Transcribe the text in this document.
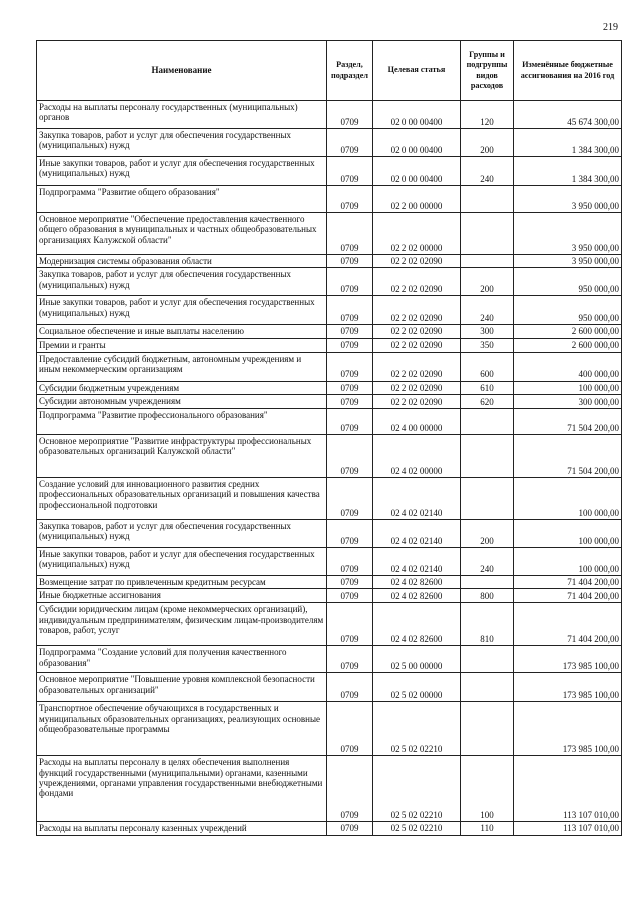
219
Наименование	Раздел, подраздел	Целевая статья	Группы и подгруппы видов расходов	Изменённые бюджетные ассигнования на 2016 год
Расходы на выплаты персоналу государственных (муниципальных) органов	0709	02 0 00 00400	120	45 674 300,00
Закупка товаров, работ и услуг для обеспечения государственных (муниципальных) нужд	0709	02 0 00 00400	200	1 384 300,00
Иные закупки товаров, работ и услуг для обеспечения государственных (муниципальных) нужд	0709	02 0 00 00400	240	1 384 300,00
Подпрограмма "Развитие общего образования"	0709	02 2 00 00000		3 950 000,00
Основное мероприятие "Обеспечение предоставления качественного общего образования в муниципальных и частных общеобразовательных организациях Калужской области"	0709	02 2 02 00000		3 950 000,00
Модернизация системы образования области	0709	02 2 02 02090		3 950 000,00
Закупка товаров, работ и услуг для обеспечения государственных (муниципальных) нужд	0709	02 2 02 02090	200	950 000,00
Иные закупки товаров, работ и услуг для обеспечения государственных (муниципальных) нужд	0709	02 2 02 02090	240	950 000,00
Социальное обеспечение и иные выплаты населению	0709	02 2 02 02090	300	2 600 000,00
Премии и гранты	0709	02 2 02 02090	350	2 600 000,00
Предоставление субсидий бюджетным, автономным учреждениям и иным некоммерческим организациям	0709	02 2 02 02090	600	400 000,00
Субсидии бюджетным учреждениям	0709	02 2 02 02090	610	100 000,00
Субсидии автономным учреждениям	0709	02 2 02 02090	620	300 000,00
Подпрограмма "Развитие профессионального образования"	0709	02 4 00 00000		71 504 200,00
Основное мероприятие "Развитие инфраструктуры профессиональных образовательных организаций Калужской области"	0709	02 4 02 00000		71 504 200,00
Создание условий для инновационного развития средних профессиональных образовательных организаций и повышения качества профессиональной подготовки	0709	02 4 02 02140		100 000,00
Закупка товаров, работ и услуг для обеспечения государственных (муниципальных) нужд	0709	02 4 02 02140	200	100 000,00
Иные закупки товаров, работ и услуг для обеспечения государственных (муниципальных) нужд	0709	02 4 02 02140	240	100 000,00
Возмещение затрат по привлеченным кредитным ресурсам	0709	02 4 02 82600		71 404 200,00
Иные бюджетные ассигнования	0709	02 4 02 82600	800	71 404 200,00
Субсидии юридическим лицам (кроме некоммерческих организаций), индивидуальным предпринимателям, физическим лицам-производителям товаров, работ, услуг	0709	02 4 02 82600	810	71 404 200,00
Подпрограмма "Создание условий для получения качественного образования"	0709	02 5 00 00000		173 985 100,00
Основное мероприятие "Повышение уровня комплексной безопасности образовательных организаций"	0709	02 5 02 00000		173 985 100,00
Транспортное обеспечение обучающихся в государственных и муниципальных образовательных организациях, реализующих основные общеобразовательные программы	0709	02 5 02 02210		173 985 100,00
Расходы на выплаты персоналу в целях обеспечения выполнения функций государственными (муниципальными) органами, казенными учреждениями, органами управления государственными внебюджетными фондами	0709	02 5 02 02210	100	113 107 010,00
Расходы на выплаты персоналу казенных учреждений	0709	02 5 02 02210	110	113 107 010,00
